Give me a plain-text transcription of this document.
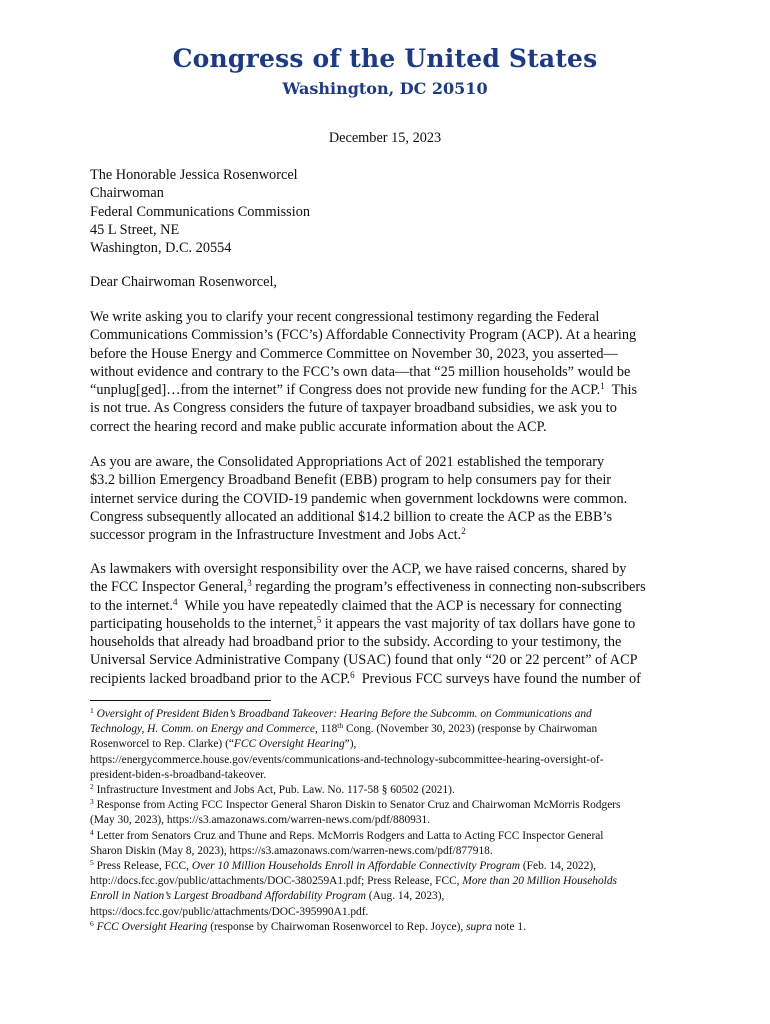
Congress of the United States
Washington, DC 20510
December 15, 2023
The Honorable Jessica Rosenworcel
Chairwoman
Federal Communications Commission
45 L Street, NE
Washington, D.C. 20554
Dear Chairwoman Rosenworcel,
We write asking you to clarify your recent congressional testimony regarding the Federal
Communications Commission’s (FCC’s) Affordable Connectivity Program (ACP). At a hearing
before the House Energy and Commerce Committee on November 30, 2023, you asserted—
without evidence and contrary to the FCC’s own data—that “25 million households” would be
“unplug[ged]…from the internet” if Congress does not provide new funding for the ACP.$^1$  This
is not true. As Congress considers the future of taxpayer broadband subsidies, we ask you to
correct the hearing record and make public accurate information about the ACP.
As you are aware, the Consolidated Appropriations Act of 2021 established the temporary
$3.2 billion Emergency Broadband Benefit (EBB) program to help consumers pay for their
internet service during the COVID-19 pandemic when government lockdowns were common.
Congress subsequently allocated an additional $14.2 billion to create the ACP as the EBB’s
successor program in the Infrastructure Investment and Jobs Act.$^2$
As lawmakers with oversight responsibility over the ACP, we have raised concerns, shared by
the FCC Inspector General,$^3$ regarding the program’s effectiveness in connecting non-subscribers
to the internet.$^4$  While you have repeatedly claimed that the ACP is necessary for connecting
participating households to the internet,$^5$ it appears the vast majority of tax dollars have gone to
households that already had broadband prior to the subsidy. According to your testimony, the
Universal Service Administrative Company (USAC) found that only “20 or 22 percent” of ACP
recipients lacked broadband prior to the ACP.$^6$  Previous FCC surveys have found the number of
$^1$ Oversight of President Biden’s Broadband Takeover: Hearing Before the Subcomm. on Communications and
Technology, H. Comm. on Energy and Commerce, 118th Cong. (November 30, 2023) (response by Chairwoman
Rosenworcel to Rep. Clarke) (“FCC Oversight Hearing”),
https://energycommerce.house.gov/events/communications-and-technology-subcommittee-hearing-oversight-of-
president-biden-s-broadband-takeover.
$^2$ Infrastructure Investment and Jobs Act, Pub. Law. No. 117-58 § 60502 (2021).
$^3$ Response from Acting FCC Inspector General Sharon Diskin to Senator Cruz and Chairwoman McMorris Rodgers
(May 30, 2023), https://s3.amazonaws.com/warren-news.com/pdf/880931.
$^4$ Letter from Senators Cruz and Thune and Reps. McMorris Rodgers and Latta to Acting FCC Inspector General
Sharon Diskin (May 8, 2023), https://s3.amazonaws.com/warren-news.com/pdf/877918.
$^5$ Press Release, FCC, Over 10 Million Households Enroll in Affordable Connectivity Program (Feb. 14, 2022),
http://docs.fcc.gov/public/attachments/DOC-380259A1.pdf; Press Release, FCC, More than 20 Million Households
Enroll in Nation’s Largest Broadband Affordability Program (Aug. 14, 2023),
https://docs.fcc.gov/public/attachments/DOC-395990A1.pdf.
$^6$ FCC Oversight Hearing (response by Chairwoman Rosenworcel to Rep. Joyce), supra note 1.
